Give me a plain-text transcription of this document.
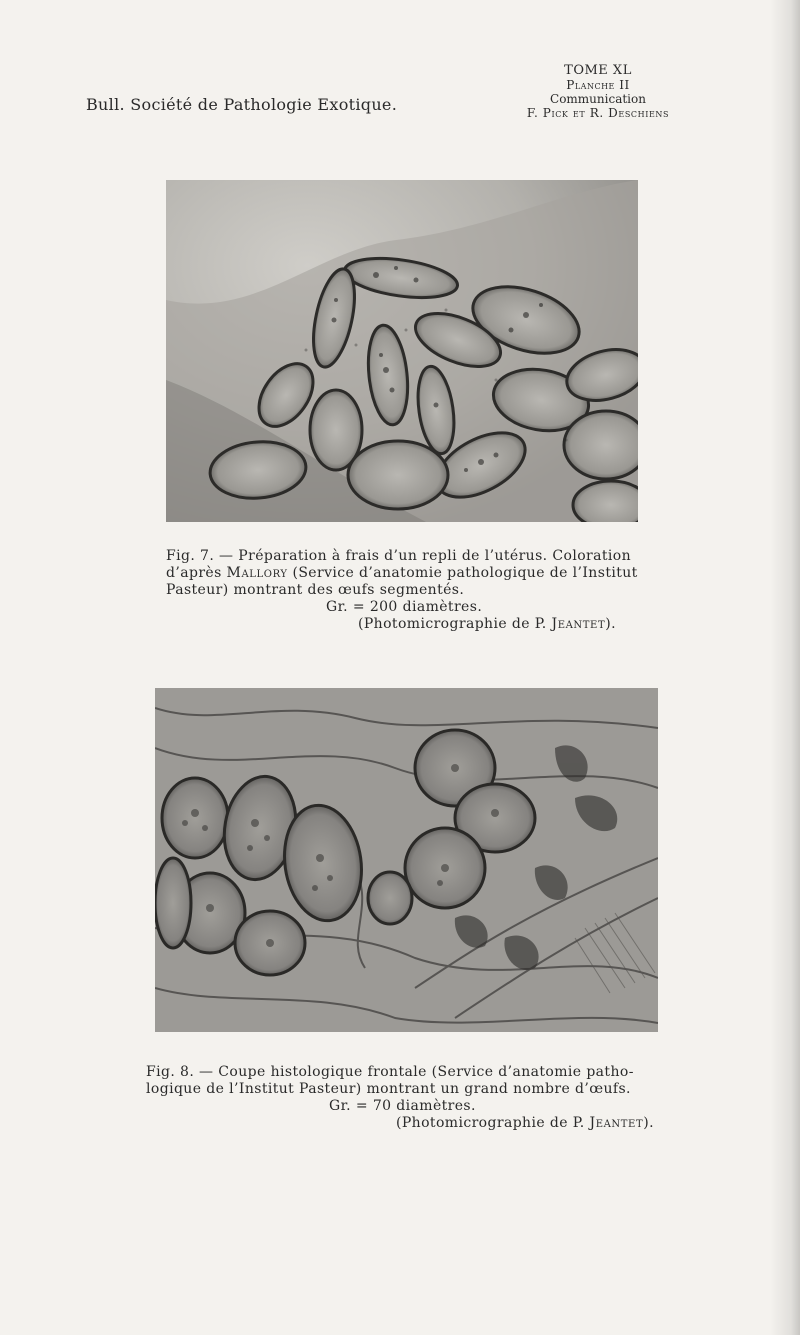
Bull. Société de Pathologie Exotique.
TOME XL
Planche II
Communication
F. Pick et R. Deschiens
Fig. 7. — Préparation à frais d’un repli de l’utérus. Coloration
d’après Mallory (Service d’anatomie pathologique de l’Institut
Pasteur) montrant des œufs segmentés.
Gr. = 200 diamètres.
(Photomicrographie de P. Jeantet).
Fig. 8. — Coupe histologique frontale (Service d’anatomie patho-
logique de l’Institut Pasteur) montrant un grand nombre d’œufs.
Gr. = 70 diamètres.
(Photomicrographie de P. Jeantet).
